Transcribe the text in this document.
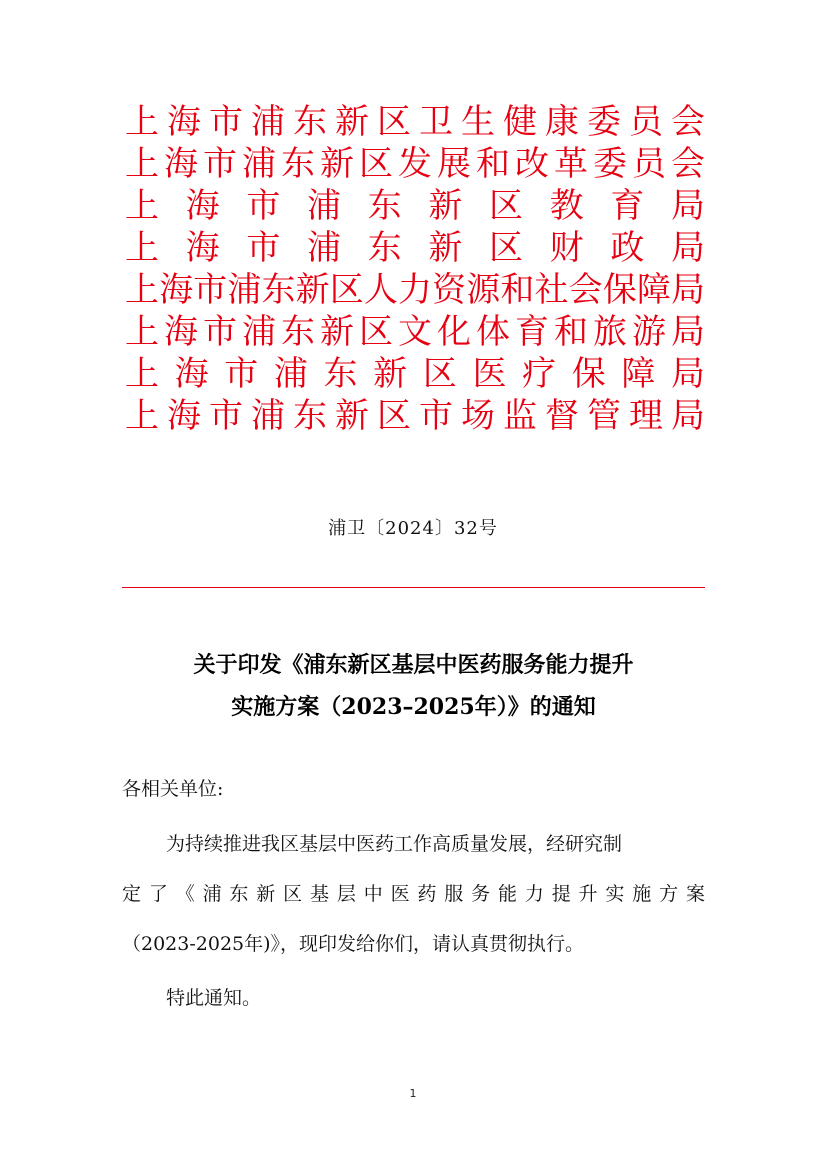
上海市浦东新区卫生健康委员会
上海市浦东新区发展和改革委员会
上海市浦东新区教育局
上海市浦东新区财政局
上海市浦东新区人力资源和社会保障局
上海市浦东新区文化体育和旅游局
上海市浦东新区医疗保障局
上海市浦东新区市场监督管理局
浦卫〔2024〕32号
关于印发《浦东新区基层中医药服务能力提升
实施方案（2023–2025年）》的通知
各相关单位:
为持续推进我区基层中医药工作高质量发展，经研究制
定了《浦东新区基层中医药服务能力提升实施方案
（2023-2025年)》，现印发给你们，请认真贯彻执行。
特此通知。
1
